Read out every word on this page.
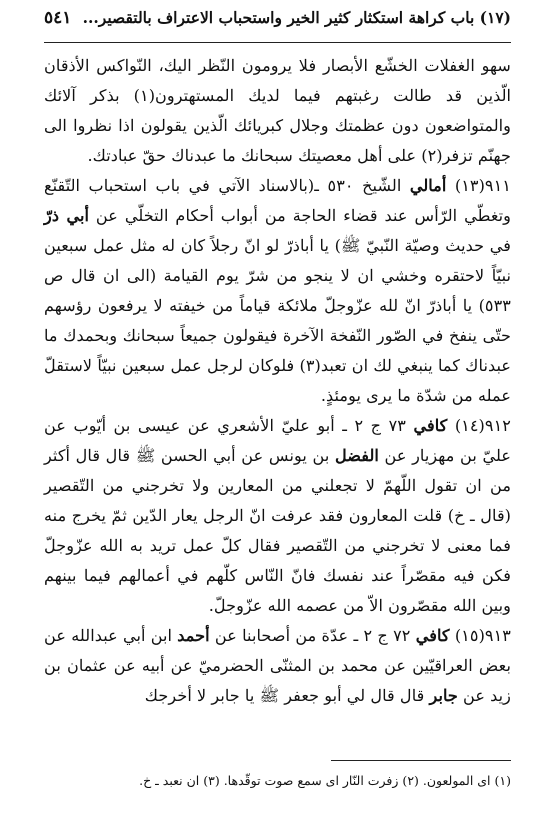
(١٧) باب كراهة استكثار كثير الخير واستحباب الاعتراف بالتقصير...
٥٤١

سهو الغفلات الخشّع الأبصار فلا يرومون النّظر اليك، النّواكس الأذقان الّذين قد طالت رغبتهم فيما لديك المستهترون(١) بذكر آلائك والمتواضعون دون عظمتك وجلال كبريائك الّذين يقولون اذا نظروا الى جهنّم تزفر(٢) على أهل معصيتك سبحانك ما عبدناك حقّ عبادتك.

٩١١(١٣) أمالي الشّيخ ٥٣٠ ـ(بالاسناد الآتي في باب استحباب التّقنّع وتغطّي الرّأس عند قضاء الحاجة من أبواب أحكام التخلّي عن أبي ذرّ في حديث وصيّة النّبيّ ﷺ) يا أباذرّ لو انّ رجلاً كان له مثل عمل سبعين نبيّاً لاحتقره وخشي ان لا ينجو من شرّ يوم القيامة (الى ان قال ص ٥٣٣) يا أباذرّ انّ لله عزّوجلّ ملائكة قياماً من خيفته لا يرفعون رؤسهم حتّى ينفخ في الصّور النّفخة الآخرة فيقولون جميعاً سبحانك وبحمدك ما عبدناك كما ينبغي لك ان تعبد(٣) فلوكان لرجل عمل سبعين نبيّاً لاستقلّ عمله من شدّة ما يرى يومئذٍ.

٩١٢(١٤) كافي ٧٣ ج ٢ ـ أبو عليّ الأشعري عن عيسى بن أيّوب عن عليّ بن مهزيار عن الفضل بن يونس عن أبي الحسن ﷺ قال قال أكثر من ان تقول اللّهمّ لا تجعلني من المعارين ولا تخرجني من التّقصير (قال ـ خ) قلت المعارون فقد عرفت انّ الرجل يعار الدّين ثمّ يخرج منه فما معنى لا تخرجني من التّقصير فقال كلّ عمل تريد به الله عزّوجلّ فكن فيه مقصّراً عند نفسك فانّ النّاس كلّهم في أعمالهم فيما بينهم وبين الله مقصّرون الاّ من عصمه الله عزّوجلّ.

٩١٣(١٥) كافي ٧٢ ج ٢ ـ عدّة من أصحابنا عن أحمد ابن أبي عبدالله عن بعض العراقيّين عن محمد بن المثنّى الحضرميّ عن أبيه عن عثمان بن زيد عن جابر قال قال لي أبو جعفر ﷺ يا جابر لا أخرجك

(١) اى المولعون. (٢) زفرت النّار اى سمع صوت توقّدها. (٣) ان نعبد ـ خ.
